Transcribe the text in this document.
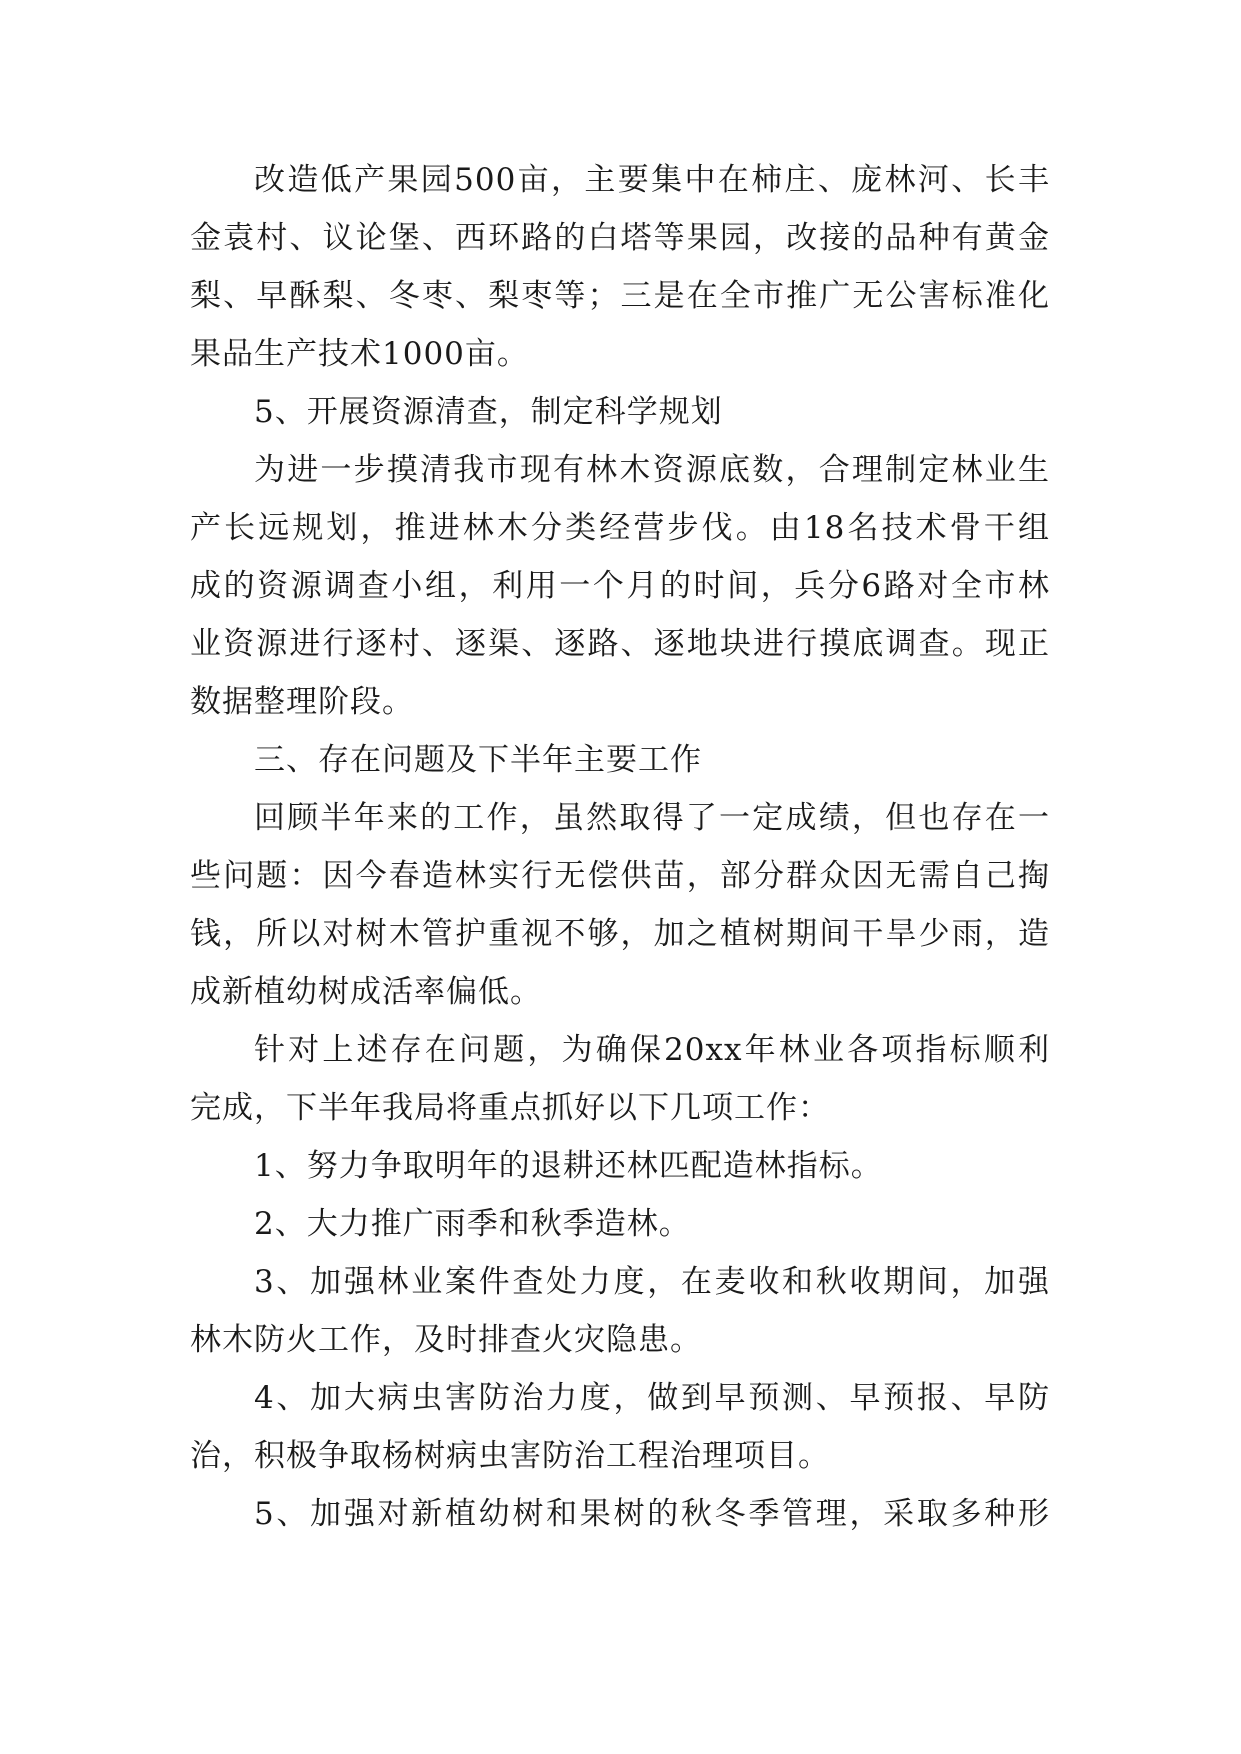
改造低产果园500亩，主要集中在柿庄、庞林河、长丰
金袁村、议论堡、西环路的白塔等果园，改接的品种有黄金
梨、早酥梨、冬枣、梨枣等；三是在全市推广无公害标准化
果品生产技术1000亩。
5、开展资源清查，制定科学规划
为进一步摸清我市现有林木资源底数，合理制定林业生
产长远规划，推进林木分类经营步伐。由18名技术骨干组
成的资源调查小组，利用一个月的时间，兵分6路对全市林
业资源进行逐村、逐渠、逐路、逐地块进行摸底调查。现正
数据整理阶段。
三、存在问题及下半年主要工作
回顾半年来的工作，虽然取得了一定成绩，但也存在一
些问题：因今春造林实行无偿供苗，部分群众因无需自己掏
钱，所以对树木管护重视不够，加之植树期间干旱少雨，造
成新植幼树成活率偏低。
针对上述存在问题，为确保20xx年林业各项指标顺利
完成，下半年我局将重点抓好以下几项工作：
1、努力争取明年的退耕还林匹配造林指标。
2、大力推广雨季和秋季造林。
3、加强林业案件查处力度，在麦收和秋收期间，加强
林木防火工作，及时排查火灾隐患。
4、加大病虫害防治力度，做到早预测、早预报、早防
治，积极争取杨树病虫害防治工程治理项目。
5、加强对新植幼树和果树的秋冬季管理，采取多种形
